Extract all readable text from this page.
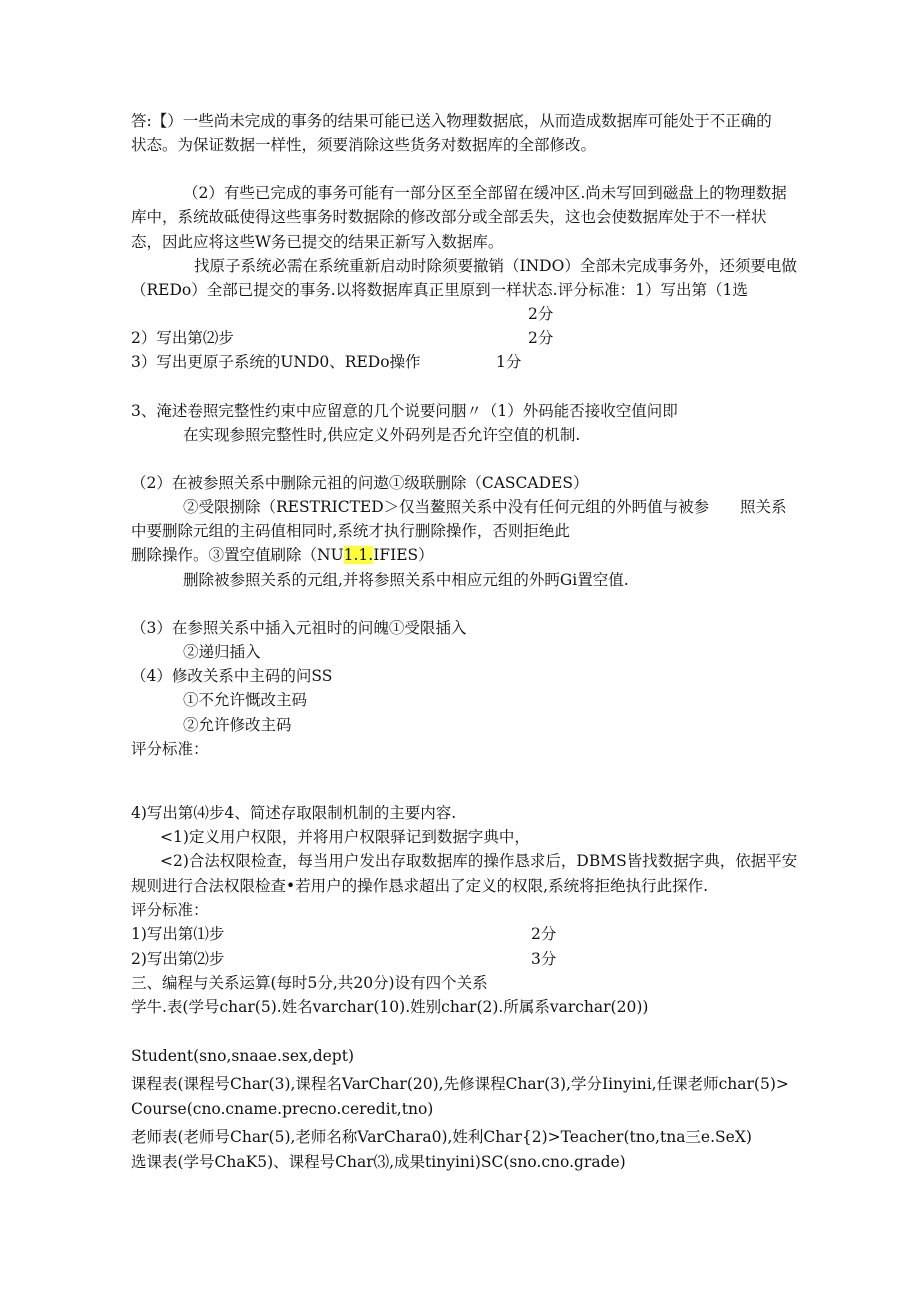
答:【）一些尚未完成的事务的结果可能已送入物理数据底，从而造成数据库可能处于不正确的
状态。为保证数据一样性，须要消除这些货务对数据库的全部修改。
（2）有些已完成的事务可能有一部分区至全部留在缓冲区.尚未写回到磁盘上的物理数据
库中，系统故砥使得这些事务时数据除的修改部分或全部丢失，这也会使数据库处于不一样状
态，因此应将这些W务已提交的结果正新写入数据库。
找原子系统必需在系统重新启动时除须要撤销（INDO）全部未完成事务外，还须要电做
（REDo）全部已提交的事务.以将数据库真正里原到一样状态.评分标准：1）写出第（1选
2分
2）写出第⑵步	2分
3）写出更原子系统的UND0、REDo操作	1分
3、淹述卷照完整性约束中应留意的几个说要问胭〃（1）外码能否接收空值问即
在实现参照完整性时,供应定义外码列是否允许空值的机制.
（2）在被参照关系中删除元祖的问遨①级联删除（CASCADES）
②受限捌除（RESTRICTED＞仅当鳌照关系中没有任何元组的外眄值与被参 照关系
中要删除元组的主码值相同时,系统才执行删除操作，否则拒绝此
删除操作。③置空值刷除（NU1.1.IFIES）
删除被参照关系的元组,并将参照关系中相应元组的外眄Gi置空值.
（3）在参照关系中插入元祖时的问魄①受限插入
②递归插入
（4）修改关系中主码的问SS
①不允许慨改主码
②允许修改主码
评分标准：
4)写出第⑷步4、简述存取限制机制的主要内容.
<1)定义用户权限，并将用户权限驿记到数据字典中，
<2)合法权限检查，每当用户发出存取数据库的操作恳求后，DBMS皆找数据字典，依据平安
规则进行合法权限检查•若用户的操作恳求超出了定义的权限,系统将拒绝执行此探作.
评分标准：
1)写出第⑴步	2分
2)写出第⑵步	3分
三、编程与关系运算(每时5分,共20分)设有四个关系
学牛.表(学号char(5).姓名varchar(10).姓别char(2).所属系varchar(20))
Student(sno,snaae.sex,dept)
课程表(课程号Char(3),课程名VarChar(20),先修课程Char(3),学分Iinyini,任课老师char(5)>
Course(cno.cname.precno.ceredit,tno)
老师表(老师号Char(5),老师名称VarChara0),姓利Char{2)>Teacher(tno,tna三e.SeX)
选课表(学号ChaK5)、课程号Char⑶,成果tinyini)SC(sno.cno.grade)
